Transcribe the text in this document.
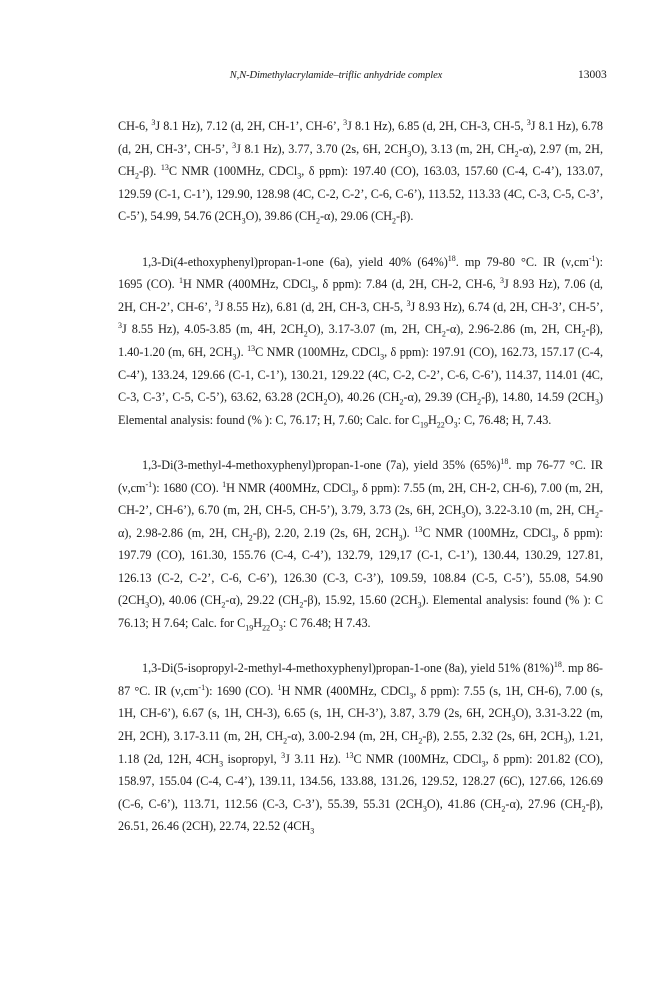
N,N-Dimethylacrylamide–triflic anhydride complex	13003

CH-6, $^3$J 8.1 Hz), 7.12 (d, 2H, CH-1’, CH-6’, $^3$J 8.1 Hz), 6.85 (d, 2H, CH-3, CH-5, $^3$J 8.1 Hz), 6.78 (d, 2H, CH-3’, CH-5’, $^3$J 8.1 Hz), 3.77, 3.70 (2s, 6H, $2CH_3O$), 3.13 (m, 2H, $CH_2-\alpha$), 2.97 (m, 2H, $CH_2-\beta$). $^{13}$C NMR (100MHz, CDCl$_3$, δ ppm): 197.40 (CO), 163.03, 157.60 (C-4, C-4’), 133.07, 129.59 (C-1, C-1’), 129.90, 128.98 (4C, C-2, C-2’, C-6, C-6’), 113.52, 113.33 (4C, C-3, C-5, C-3’, C-5’), 54.99, 54.76 $(2CH_3O)$, 39.86 $(CH_2-\alpha)$, 29.06 $(CH_2-\beta)$.

1,3-Di(4-ethoxyphenyl)propan-1-one (6a), yield 40% $(64\%)^{18}$. mp 79-80 °C. IR $(\nu,cm^{-1})$: 1695 (CO). $^1$H NMR (400MHz, CDCl$_3$, δ ppm): 7.84 (d, 2H, CH-2, CH-6, $^3$J 8.93 Hz), 7.06 (d, 2H, CH-2’, CH-6’, $^3$J 8.55 Hz), 6.81 (d, 2H, CH-3, CH-5, $^3$J 8.93 Hz), 6.74 (d, 2H, CH-3’, CH-5’, $^3$J 8.55 Hz), 4.05-3.85 (m, 4H, $2CH_2O$), 3.17-3.07 (m, 2H, $CH_2-\alpha$), 2.96-2.86 (m, 2H, $CH_2-\beta$), 1.40-1.20 (m, 6H, $2CH_3$). $^{13}$C NMR (100MHz, CDCl$_3$, δ ppm): 197.91 (CO), 162.73, 157.17 (C-4, C-4’), 133.24, 129.66 (C-1, C-1’), 130.21, 129.22 (4C, C-2, C-2’, C-6, C-6’), 114.37, 114.01 (4C, C-3, C-3’, C-5, C-5’), 63.62, 63.28 $(2CH_2O)$, 40.26 $(CH_2-\alpha)$, 29.39 $(CH_2-\beta)$, 14.80, 14.59 $(2CH_3)$ Elemental analysis: found (% ): C, 76.17; H, 7.60; Calc. for $C_{19}H_{22}O_3$: C, 76.48; H, 7.43.

1,3-Di(3-methyl-4-methoxyphenyl)propan-1-one (7a), yield 35% $(65\%)^{18}$. mp 76-77 °C. IR $(\nu,cm^{-1})$: 1680 (CO). $^1$H NMR (400MHz, CDCl$_3$, δ ppm): 7.55 (m, 2H, CH-2, CH-6), 7.00 (m, 2H, CH-2’, CH-6’), 6.70 (m, 2H, CH-5, CH-5’), 3.79, 3.73 (2s, 6H, $2CH_3O$), 3.22-3.10 (m, 2H, $CH_2-\alpha$), 2.98-2.86 (m, 2H, $CH_2-\beta$), 2.20, 2.19 (2s, 6H, $2CH_3$). $^{13}$C NMR (100MHz, CDCl$_3$, δ ppm): 197.79 (CO), 161.30, 155.76 (C-4, C-4’), 132.79, 129,17 (C-1, C-1’), 130.44, 130.29, 127.81, 126.13 (C-2, C-2’, C-6, C-6’), 126.30 (C-3, C-3’), 109.59, 108.84 (C-5, C-5’), 55.08, 54.90 $(2CH_3O)$, 40.06 $(CH_2-\alpha)$, 29.22 $(CH_2-\beta)$, 15.92, 15.60 $(2CH_3)$. Elemental analysis: found (% ): C 76.13; H 7.64; Calc. for $C_{19}H_{22}O_3$: C 76.48; H 7.43.

1,3-Di(5-isopropyl-2-methyl-4-methoxyphenyl)propan-1-one (8a), yield 51% $(81\%)^{18}$. mp 86-87 °C. IR $(\nu,cm^{-1})$: 1690 (CO). $^1$H NMR (400MHz, CDCl$_3$, δ ppm): 7.55 (s, 1H, CH-6), 7.00 (s, 1H, CH-6’), 6.67 (s, 1H, CH-3), 6.65 (s, 1H, CH-3’), 3.87, 3.79 (2s, 6H, $2CH_3O$), 3.31-3.22 (m, 2H, 2CH), 3.17-3.11 (m, 2H, $CH_2-\alpha$), 3.00-2.94 (m, 2H, $CH_2-\beta$), 2.55, 2.32 (2s, 6H, $2CH_3$), 1.21, 1.18 (2d, 12H, $4CH_3$ isopropyl, $^3$J 3.11 Hz). $^{13}$C NMR (100MHz, CDCl$_3$, δ ppm): 201.82 (CO), 158.97, 155.04 (C-4, C-4’), 139.11, 134.56, 133.88, 131.26, 129.52, 128.27 (6C), 127.66, 126.69 (C-6, C-6’), 113.71, 112.56 (C-3, C-3’), 55.39, 55.31 $(2CH_3O)$, 41.86 $(CH_2-\alpha)$, 27.96 $(CH_2-\beta)$, 26.51, 26.46 (2CH), 22.74, 22.52 ($4CH_3$
